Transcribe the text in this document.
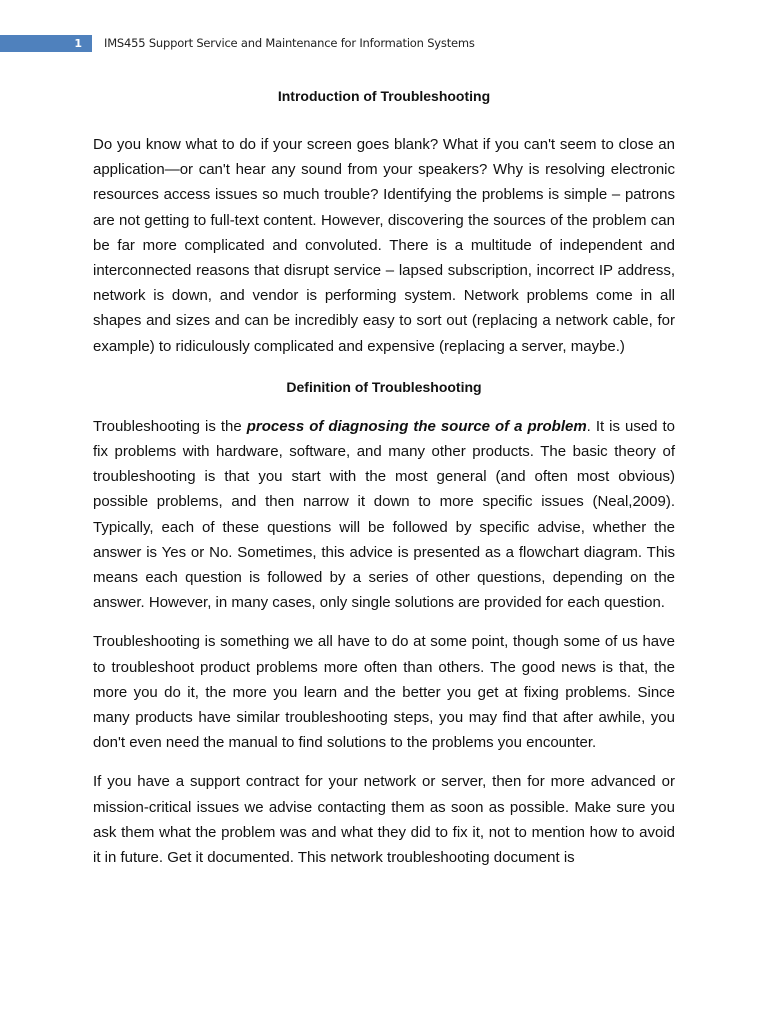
1	IMS455 Support Service and Maintenance for Information Systems
Introduction of Troubleshooting

Do you know what to do if your screen goes blank? What if you can't seem to close an application—or can't hear any sound from your speakers? Why is resolving electronic resources access issues so much trouble? Identifying the problems is simple – patrons are not getting to full-text content. However, discovering the sources of the problem can be far more complicated and convoluted. There is a multitude of independent and interconnected reasons that disrupt service – lapsed subscription, incorrect IP address, network is down, and vendor is performing system. Network problems come in all shapes and sizes and can be incredibly easy to sort out (replacing a network cable, for example) to ridiculously complicated and expensive (replacing a server, maybe.)

Definition of Troubleshooting

Troubleshooting is the process of diagnosing the source of a problem. It is used to fix problems with hardware, software, and many other products. The basic theory of troubleshooting is that you start with the most general (and often most obvious) possible problems, and then narrow it down to more specific issues (Neal,2009). Typically, each of these questions will be followed by specific advise, whether the answer is Yes or No. Sometimes, this advice is presented as a flowchart diagram. This means each question is followed by a series of other questions, depending on the answer. However, in many cases, only single solutions are provided for each question.

Troubleshooting is something we all have to do at some point, though some of us have to troubleshoot product problems more often than others. The good news is that, the more you do it, the more you learn and the better you get at fixing problems. Since many products have similar troubleshooting steps, you may find that after awhile, you don't even need the manual to find solutions to the problems you encounter.

If you have a support contract for your network or server, then for more advanced or mission-critical issues we advise contacting them as soon as possible. Make sure you ask them what the problem was and what they did to fix it, not to mention how to avoid it in future. Get it documented. This network troubleshooting document is
